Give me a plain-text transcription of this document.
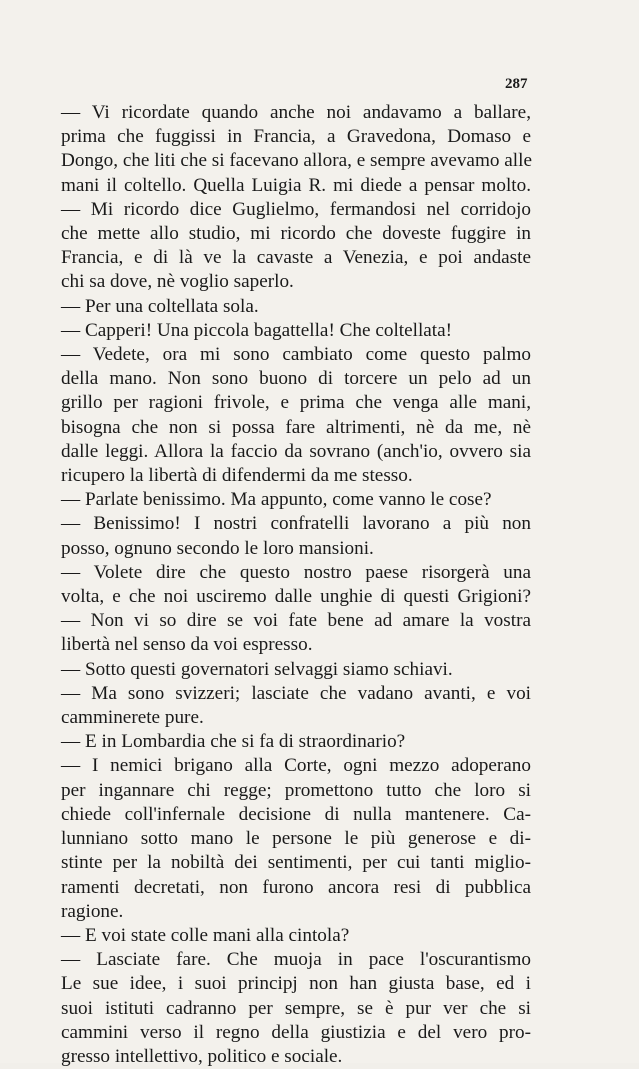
287
— Vi ricordate quando anche noi andavamo a ballare,
prima che fuggissi in Francia, a Gravedona, Domaso e
Dongo, che liti che si facevano allora, e sempre avevamo alle
mani il coltello. Quella Luigia R. mi diede a pensar molto.
— Mi ricordo dice Guglielmo, fermandosi nel corridojo
che mette allo studio, mi ricordo che doveste fuggire in
Francia, e di là ve la cavaste a Venezia, e poi andaste
chi sa dove, nè voglio saperlo.
— Per una coltellata sola.
— Capperi! Una piccola bagattella! Che coltellata!
— Vedete, ora mi sono cambiato come questo palmo
della mano. Non sono buono di torcere un pelo ad un
grillo per ragioni frivole, e prima che venga alle mani,
bisogna che non si possa fare altrimenti, nè da me, nè
dalle leggi. Allora la faccio da sovrano (anch'io, ovvero sia
ricupero la libertà di difendermi da me stesso.
— Parlate benissimo. Ma appunto, come vanno le cose?
— Benissimo! I nostri confratelli lavorano a più non
posso, ognuno secondo le loro mansioni.
— Volete dire che questo nostro paese risorgerà una
volta, e che noi usciremo dalle unghie di questi Grigioni?
— Non vi so dire se voi fate bene ad amare la vostra
libertà nel senso da voi espresso.
— Sotto questi governatori selvaggi siamo schiavi.
— Ma sono svizzeri; lasciate che vadano avanti, e voi
camminerete pure.
— E in Lombardia che si fa di straordinario?
— I nemici brigano alla Corte, ogni mezzo adoperano
per ingannare chi regge; promettono tutto che loro si
chiede coll'infernale decisione di nulla mantenere. Ca-
lunniano sotto mano le persone le più generose e di-
stinte per la nobiltà dei sentimenti, per cui tanti miglio-
ramenti decretati, non furono ancora resi di pubblica
ragione.
— E voi state colle mani alla cintola?
— Lasciate fare. Che muoja in pace l'oscurantismo
Le sue idee, i suoi principj non han giusta base, ed i
suoi istituti cadranno per sempre, se è pur ver che si
cammini verso il regno della giustizia e del vero pro-
gresso intellettivo, politico e sociale.
